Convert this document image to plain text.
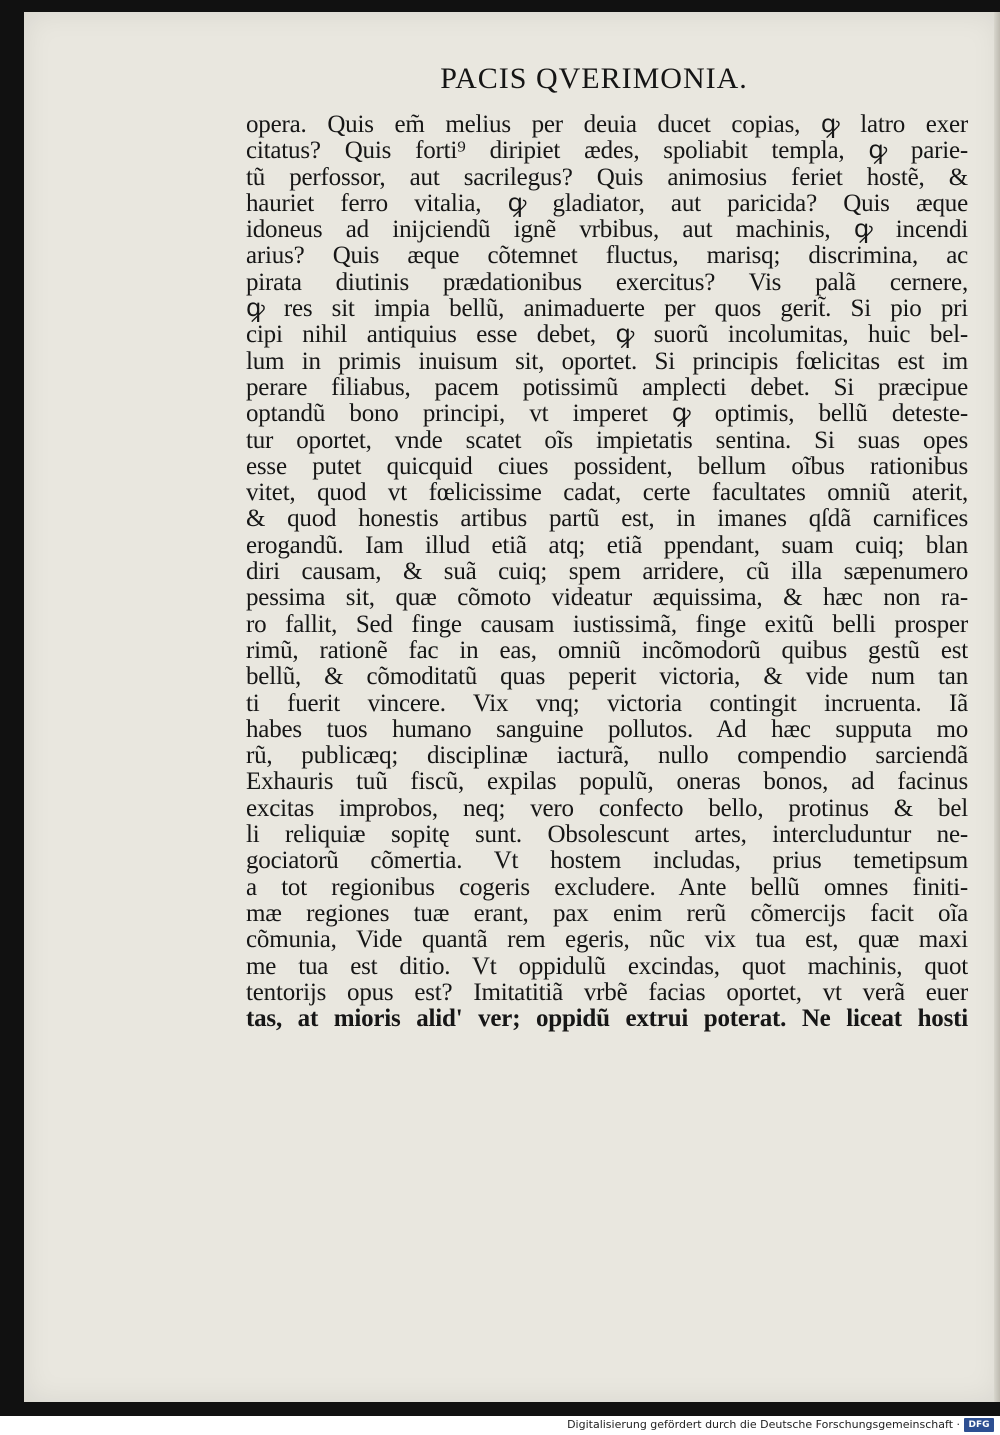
PACIS QVERIMONIA.
opera. Quis em̃ melius per deuia ducet copias, ꝙ latro exer
citatus? Quis forti⁹ diripiet ædes, spoliabit templa, ꝙ parie-
tũ perfossor, aut sacrilegus? Quis animosius feriet hostẽ, &
hauriet ferro vitalia, ꝙ gladiator, aut paricida? Quis æque
idoneus ad inijciendũ ignẽ vrbibus, aut machinis, ꝙ incendi
arius? Quis æque cõtemnet fluctus, marisq; discrimina, ac
pirata diutinis prædationibus exercitus? Vis palã cernere,
ꝙ res sit impia bellũ, animaduerte per quos gerit̃. Si pio pri
cipi nihil antiquius esse debet, ꝙ suorũ incolumitas, huic bel-
lum in primis inuisum sit, oportet. Si principis fœlicitas est im
perare filiabus, pacem potissimũ amplecti debet. Si præcipue
optandũ bono principi, vt imperet ꝙ optimis, bellũ deteste-
tur oportet, vnde scatet oĩs impietatis sentina. Si suas opes
esse putet quicquid ciues possident, bellum oĩbus rationibus
vitet, quod vt fœlicissime cadat, certe facultates omniũ aterit,
& quod honestis artibus partũ est, in imanes qſdã carnifices
erogandũ. Iam illud etiã atq; etiã ppendant, suam cuiq; blan
diri causam, & suã cuiq; spem arridere, cũ illa sæpenumero
pessima sit, quæ cõmoto videatur æquissima, & hæc non ra-
ro fallit, Sed finge causam iustissimã, finge exitũ belli prosper
rimũ, rationẽ fac in eas, omniũ incõmodorũ quibus gestũ est
bellũ, & cõmoditatũ quas peperit victoria, & vide num tan
ti fuerit vincere. Vix vnq; victoria contingit incruenta. Iã
habes tuos humano sanguine pollutos. Ad hæc supputa mo
rũ, publicæq; disciplinæ iacturã, nullo compendio sarciendã
Exhauris tuũ fiscũ, expilas populũ, oneras bonos, ad facinus
excitas improbos, neq; vero confecto bello, protinus & bel
li reliquiæ sopitę sunt. Obsolescunt artes, intercluduntur ne-
gociatorũ cõmertia. Vt hostem includas, prius temetipsum
a tot regionibus cogeris excludere. Ante bellũ omnes finiti-
mæ regiones tuæ erant, pax enim rerũ cõmercijs facit oĩa
cõmunia, Vide quantã rem egeris, nũc vix tua est, quæ maxi
me tua est ditio. Vt oppidulũ excindas, quot machinis, quot
tentorijs opus est? Imitatitiã vrbẽ facias oportet, vt verã euer
tas, at mioris alid' ver; oppidũ extrui poterat. Ne liceat hosti
Digitalisierung gefördert durch die Deutsche Forschungsgemeinschaft · DFG
